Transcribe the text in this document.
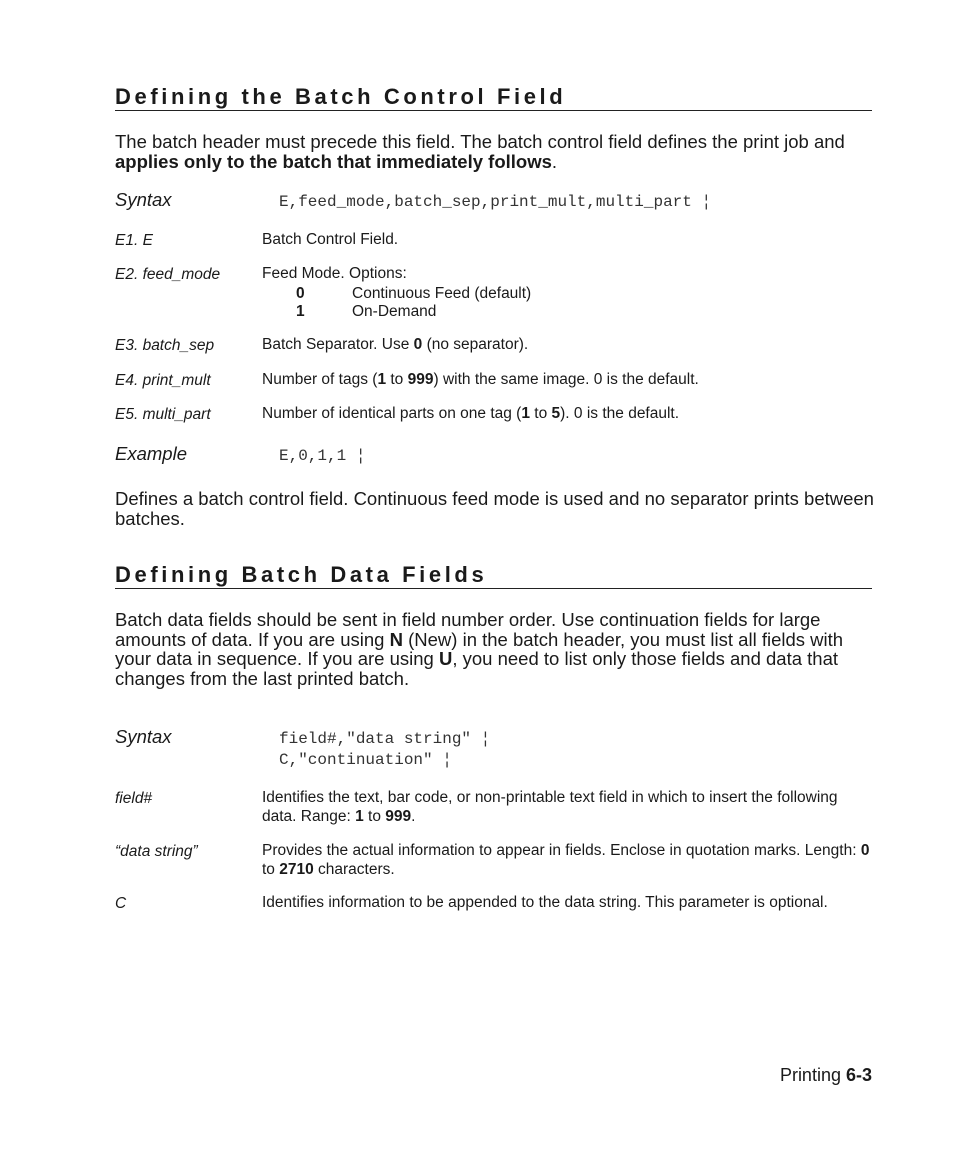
Defining the Batch Control Field
The batch header must precede this field. The batch control field defines the print job and applies only to the batch that immediately follows.
Syntax	E,feed_mode,batch_sep,print_mult,multi_part ¦
E1. E	Batch Control Field.
E2. feed_mode	Feed Mode. Options:
0	Continuous Feed (default)
1	On-Demand
E3. batch_sep	Batch Separator. Use 0 (no separator).
E4. print_mult	Number of tags (1 to 999) with the same image. 0 is the default.
E5. multi_part	Number of identical parts on one tag (1 to 5). 0 is the default.
Example	E,0,1,1 ¦
Defines a batch control field. Continuous feed mode is used and no separator prints between batches.
Defining Batch Data Fields
Batch data fields should be sent in field number order. Use continuation fields for large amounts of data. If you are using N (New) in the batch header, you must list all fields with your data in sequence. If you are using U, you need to list only those fields and data that changes from the last printed batch.
Syntax	field#,"data string" ¦
C,"continuation" ¦
field#	Identifies the text, bar code, or non-printable text field in which to insert the following data. Range: 1 to 999.
“data string”	Provides the actual information to appear in fields. Enclose in quotation marks. Length: 0 to 2710 characters.
C	Identifies information to be appended to the data string. This parameter is optional.
Printing 6-3
